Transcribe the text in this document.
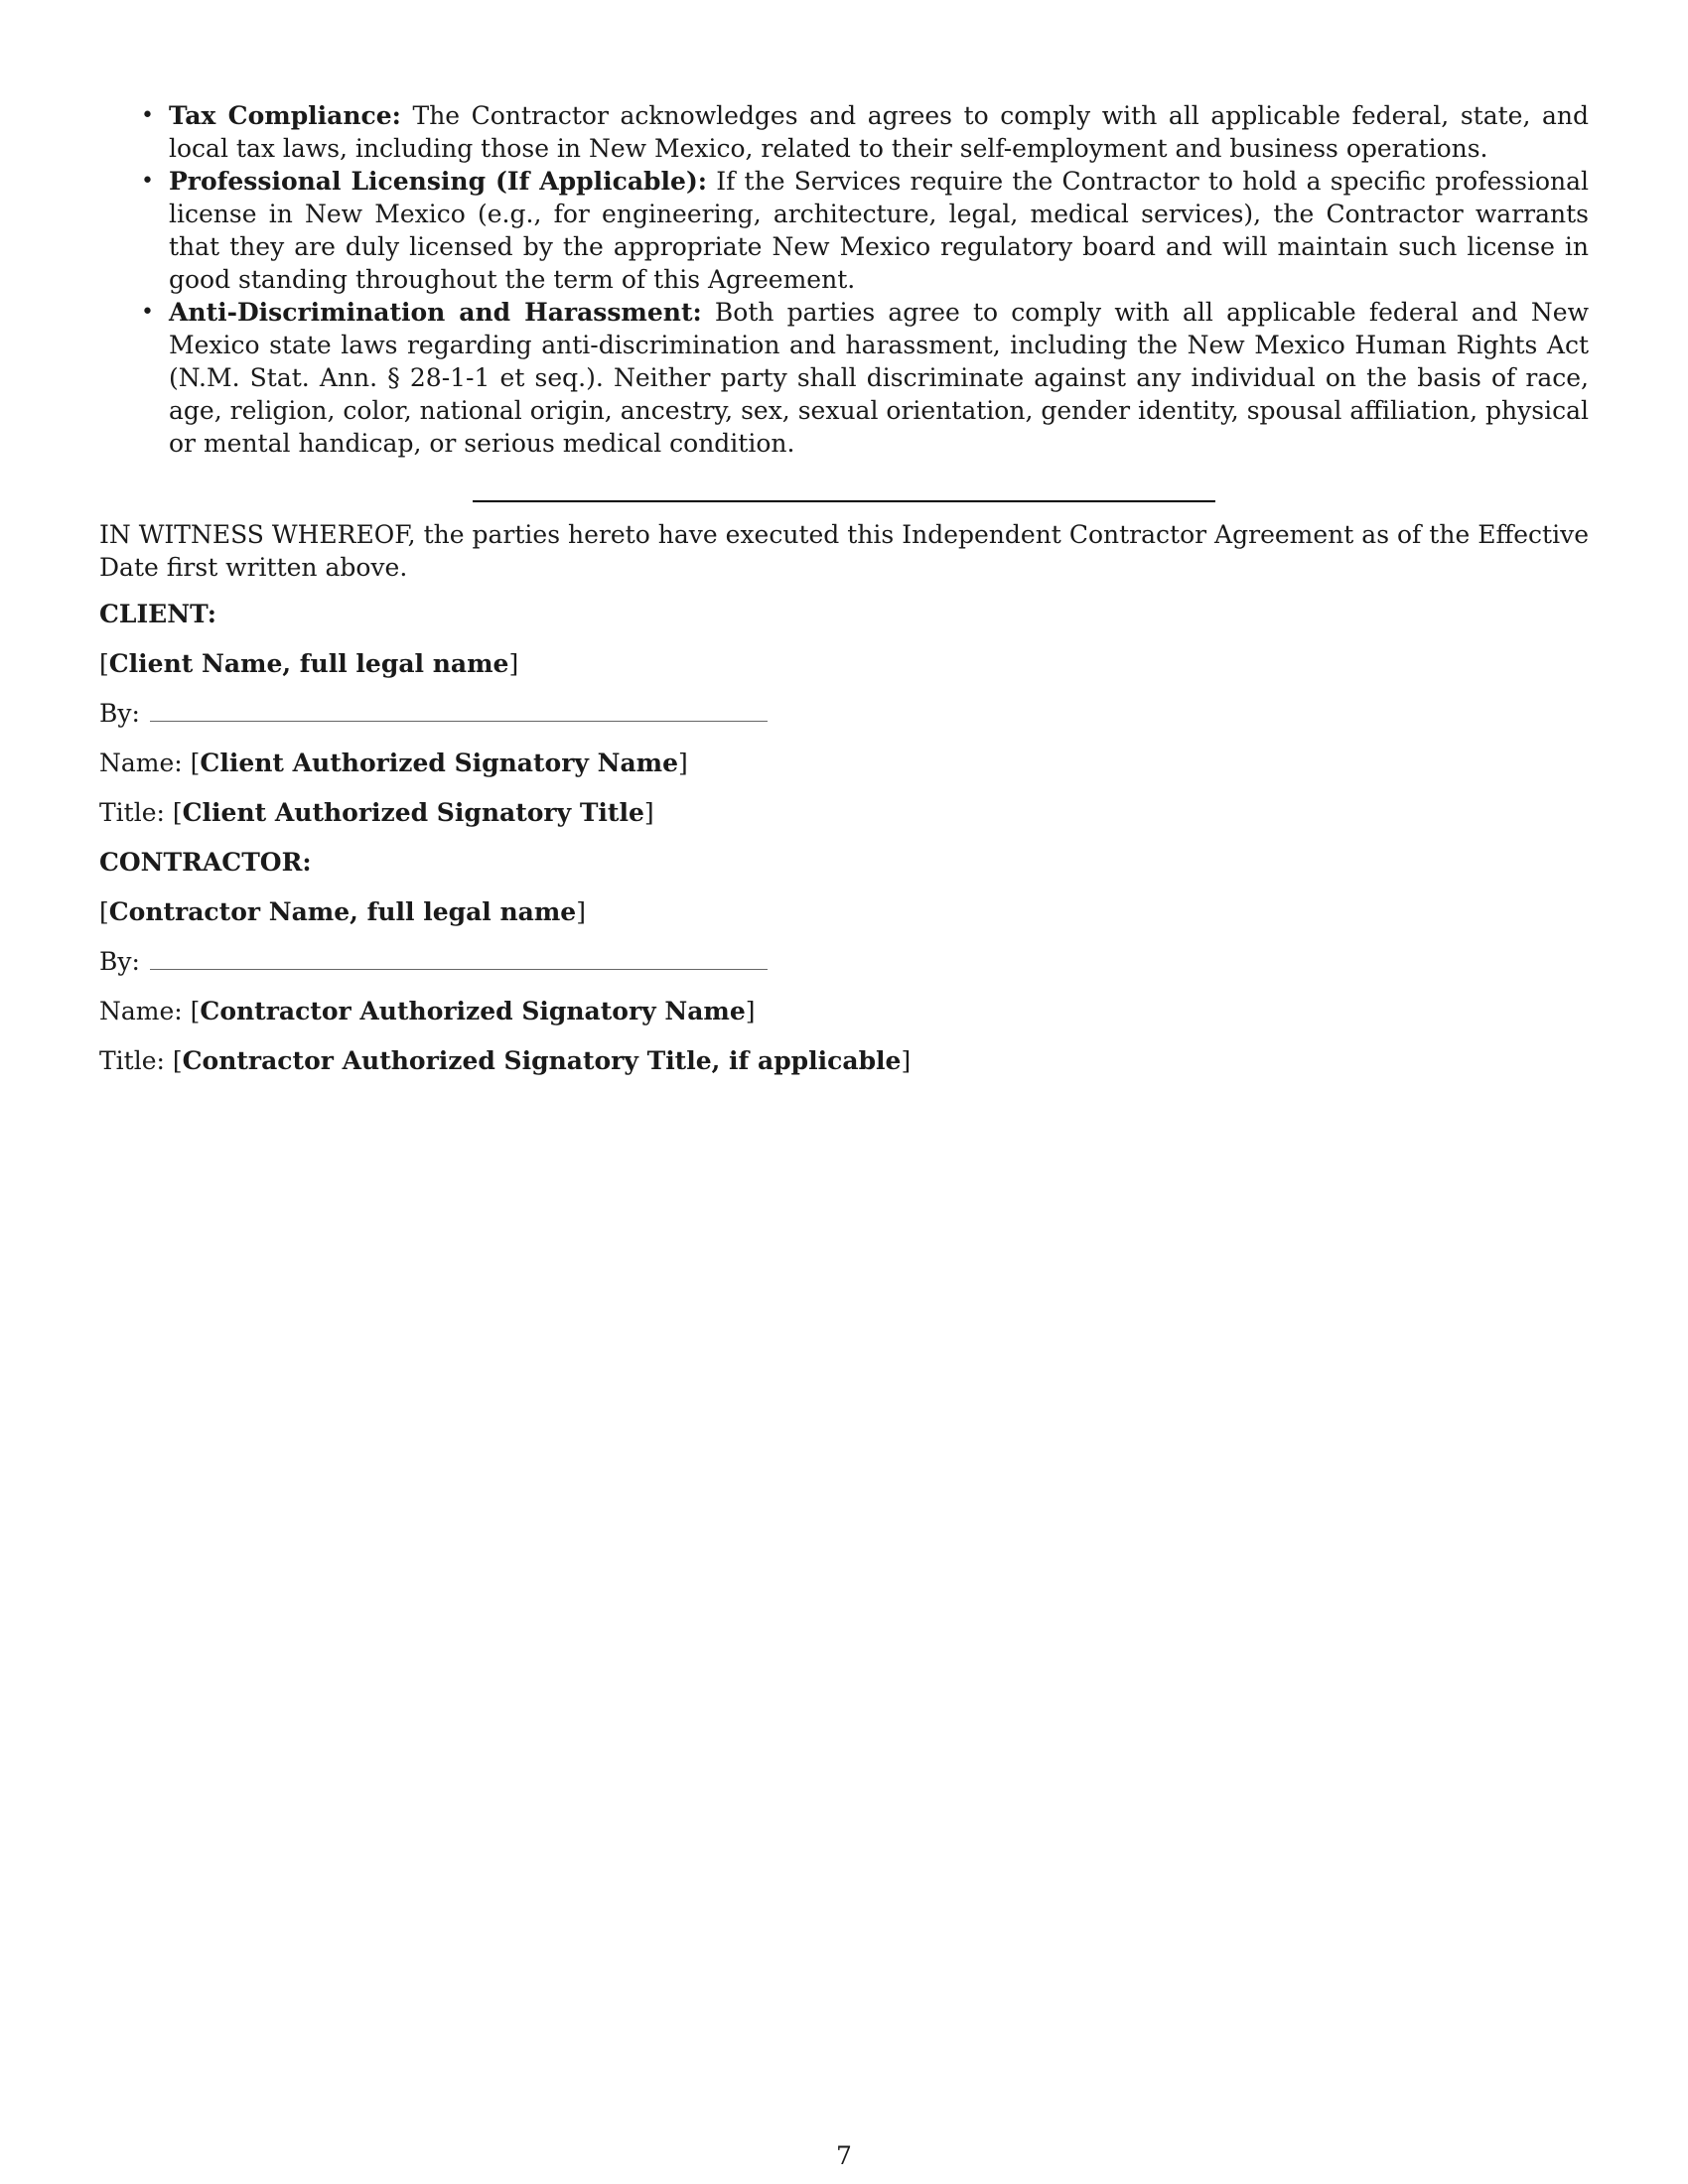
• Tax Compliance: The Contractor acknowledges and agrees to comply with all applicable federal, state, and local tax laws, including those in New Mexico, related to their self-employment and business operations.
• Professional Licensing (If Applicable): If the Services require the Contractor to hold a specific professional license in New Mexico (e.g., for engineering, architecture, legal, medical services), the Contractor warrants that they are duly licensed by the appropriate New Mexico regulatory board and will maintain such license in good standing throughout the term of this Agreement.
• Anti-Discrimination and Harassment: Both parties agree to comply with all applicable federal and New Mexico state laws regarding anti-discrimination and harassment, including the New Mexico Human Rights Act (N.M. Stat. Ann. § 28-1-1 et seq.). Neither party shall discriminate against any individual on the basis of race, age, religion, color, national origin, ancestry, sex, sexual orientation, gender identity, spousal affiliation, physical or mental handicap, or serious medical condition.

IN WITNESS WHEREOF, the parties hereto have executed this Independent Contractor Agreement as of the Effective Date first written above.

CLIENT:
[Client Name, full legal name]
By:
Name: [Client Authorized Signatory Name]
Title: [Client Authorized Signatory Title]
CONTRACTOR:
[Contractor Name, full legal name]
By:
Name: [Contractor Authorized Signatory Name]
Title: [Contractor Authorized Signatory Title, if applicable]
7
